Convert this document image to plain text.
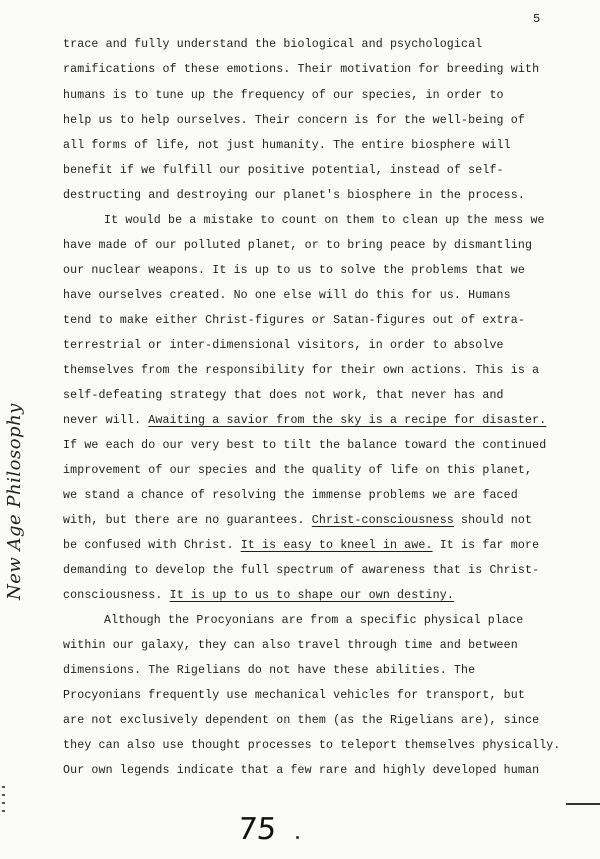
5
trace and fully understand the biological and psychological
ramifications of these emotions. Their motivation for breeding with
humans is to tune up the frequency of our species, in order to
help us to help ourselves. Their concern is for the well-being of
all forms of life, not just humanity. The entire biosphere will
benefit if we fulfill our positive potential, instead of self-
destructing and destroying our planet's biosphere in the process.
It would be a mistake to count on them to clean up the mess we
have made of our polluted planet, or to bring peace by dismantling
our nuclear weapons. It is up to us to solve the problems that we
have ourselves created. No one else will do this for us. Humans
tend to make either Christ-figures or Satan-figures out of extra-
terrestrial or inter-dimensional visitors, in order to absolve
themselves from the responsibility for their own actions. This is a
self-defeating strategy that does not work, that never has and
never will. Awaiting a savior from the sky is a recipe for disaster.
If we each do our very best to tilt the balance toward the continued
improvement of our species and the quality of life on this planet,
we stand a chance of resolving the immense problems we are faced
with, but there are no guarantees. Christ-consciousness should not
be confused with Christ. It is easy to kneel in awe. It is far more
demanding to develop the full spectrum of awareness that is Christ-
consciousness. It is up to us to shape our own destiny.
Although the Procyonians are from a specific physical place
within our galaxy, they can also travel through time and between
dimensions. The Rigelians do not have these abilities. The
Procyonians frequently use mechanical vehicles for transport, but
are not exclusively dependent on them (as the Rigelians are), since
they can also use thought processes to teleport themselves physically.
Our own legends indicate that a few rare and highly developed human
New Age Philosophy
75
